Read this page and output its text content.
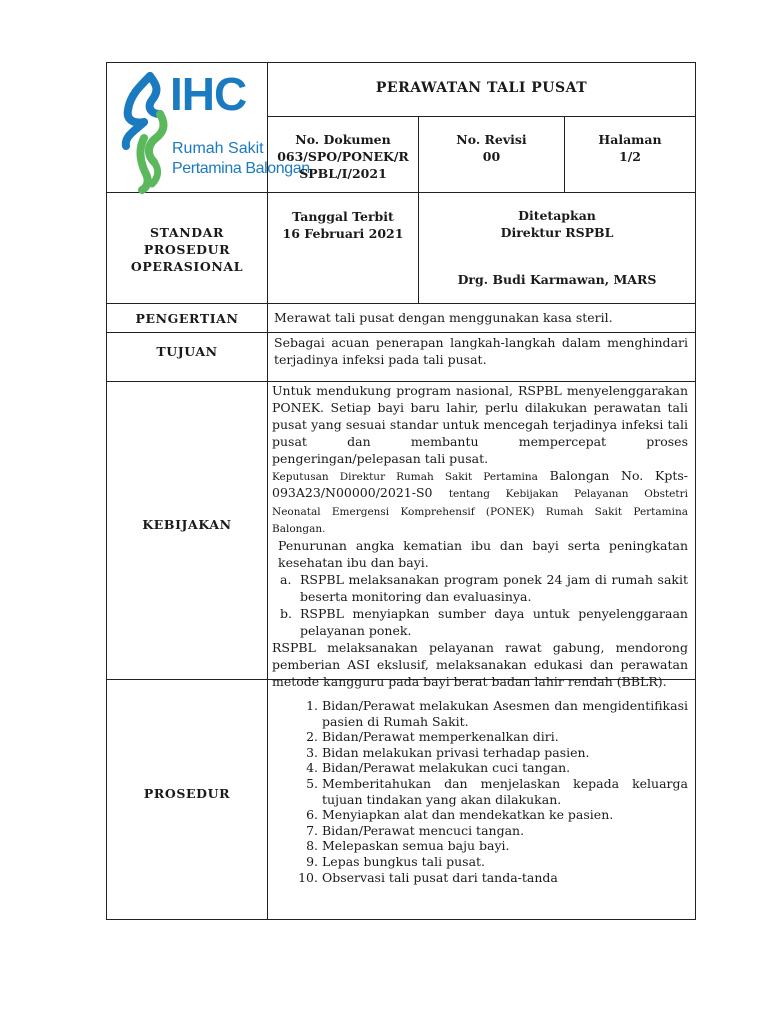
IHC
Rumah Sakit
Pertamina Balongan
PERAWATAN TALI PUSAT
No. Dokumen
063/SPO/PONEK/R
SPBL/I/2021
No. Revisi
00
Halaman
1/2
STANDAR
PROSEDUR
OPERASIONAL
Tanggal Terbit
16 Februari 2021
Ditetapkan
Direktur RSPBL
Drg. Budi Karmawan, MARS
PENGERTIAN	Merawat tali pusat dengan menggunakan kasa steril.
TUJUAN
Sebagai acuan penerapan langkah-langkah dalam menghindari terjadinya infeksi pada tali pusat.
KEBIJAKAN
Untuk mendukung program nasional, RSPBL menyelenggarakan PONEK. Setiap bayi baru lahir, perlu dilakukan perawatan tali pusat yang sesuai standar untuk mencegah terjadinya infeksi tali pusat dan membantu mempercepat proses pengeringan/pelepasan tali pusat.
Keputusan Direktur Rumah Sakit Pertamina Balongan No. Kpts-093A23/N00000/2021-S0 tentang Kebijakan Pelayanan Obstetri Neonatal Emergensi Komprehensif (PONEK) Rumah Sakit Pertamina Balongan.
Penurunan angka kematian ibu dan bayi serta peningkatan kesehatan ibu dan bayi.
a. RSPBL melaksanakan program ponek 24 jam di rumah sakit beserta monitoring dan evaluasinya.
b. RSPBL menyiapkan sumber daya untuk penyelenggaraan pelayanan ponek.
RSPBL melaksanakan pelayanan rawat gabung, mendorong pemberian ASI ekslusif, melaksanakan edukasi dan perawatan metode kangguru pada bayi berat badan lahir rendah (BBLR).
PROSEDUR
1. Bidan/Perawat melakukan Asesmen dan mengidentifikasi pasien di Rumah Sakit.
2. Bidan/Perawat memperkenalkan diri.
3. Bidan melakukan privasi terhadap pasien.
4. Bidan/Perawat melakukan cuci tangan.
5. Memberitahukan dan menjelaskan kepada keluarga tujuan tindakan yang akan dilakukan.
6. Menyiapkan alat dan mendekatkan ke pasien.
7. Bidan/Perawat mencuci tangan.
8. Melepaskan semua baju bayi.
9. Lepas bungkus tali pusat.
10. Observasi tali pusat dari tanda-tanda
